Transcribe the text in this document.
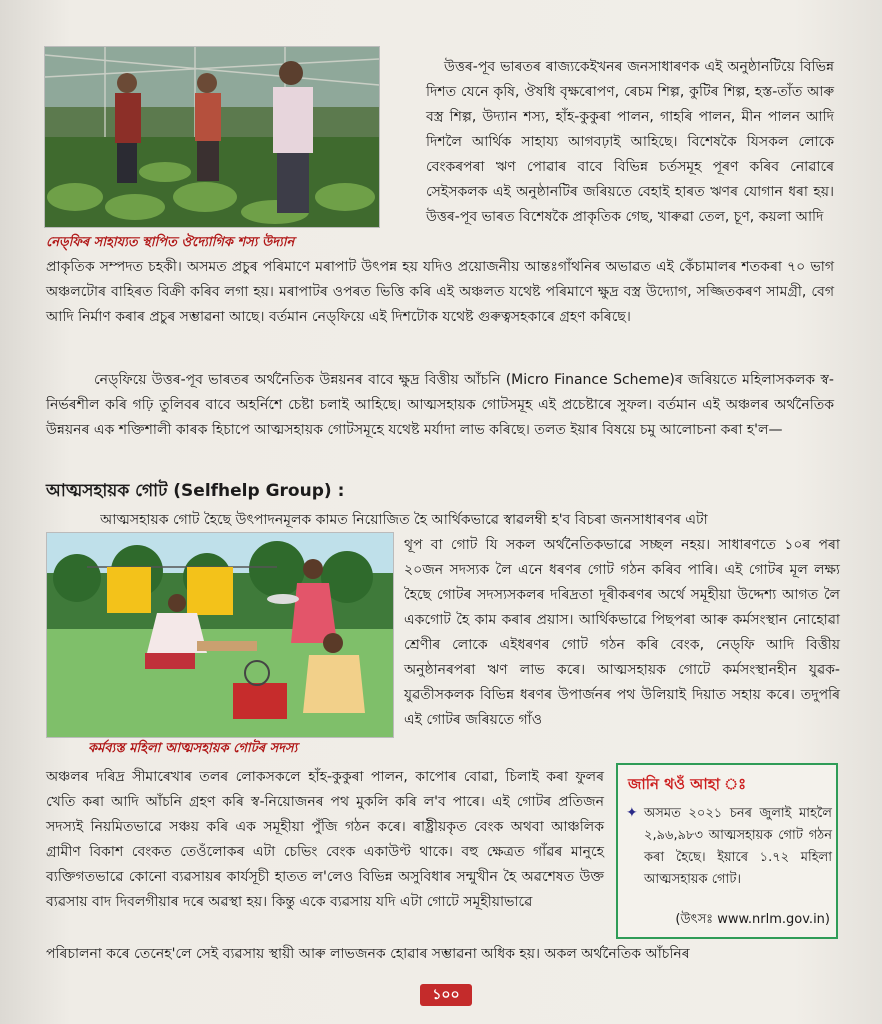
নেড্‌ফিৰ সাহায্যত স্থাপিত ঔদ্যোগিক শস্য উদ্যান
উত্তৰ-পূব ভাৰতৰ ৰাজ্যকেইখনৰ জনসাধাৰণক এই অনুষ্ঠানটিয়ে বিভিন্ন দিশত যেনে কৃষি, ঔষধি বৃক্ষৰোপণ, ৰেচম শিল্প, কুটিৰ শিল্প, হস্ত-তাঁত আৰু বস্ত্ৰ শিল্প, উদ্যান শস্য, হাঁহ-কুকুৰা পালন, গাহৰি পালন, মীন পালন আদি দিশলৈ আৰ্থিক সাহায্য আগবঢ়াই আহিছে। বিশেষকৈ যিসকল লোকে বেংকৰপৰা ঋণ পোৱাৰ বাবে বিভিন্ন চৰ্তসমূহ পূৰণ কৰিব নোৱাৰে সেইসকলক এই অনুষ্ঠানটিৰ জৰিয়তে বেহাই হাৰত ঋণৰ যোগান ধৰা হয়। উত্তৰ-পূব ভাৰত বিশেষকৈ প্ৰাকৃতিক গেছ, খাৰুৱা তেল, চূণ, কয়লা আদি
প্ৰাকৃতিক সম্পদত চহকী। অসমত প্ৰচুৰ পৰিমাণে মৰাপাট উৎপন্ন হয় যদিও প্ৰয়োজনীয় আন্তঃগাঁথনিৰ অভাৱত এই কেঁচামালৰ শতকৰা ৭০ ভাগ অঞ্চলটোৰ বাহিৰত বিক্ৰী কৰিব লগা হয়। মৰাপাটৰ ওপৰত ভিত্তি কৰি এই অঞ্চলত যথেষ্ট পৰিমাণে ক্ষুদ্ৰ বস্ত্ৰ উদ্যোগ, সজ্জিতকৰণ সামগ্ৰী, বেগ আদি নিৰ্মাণ কৰাৰ প্ৰচুৰ সম্ভাৱনা আছে। বৰ্তমান নেড্‌ফিয়ে এই দিশটোক যথেষ্ট গুৰুত্বসহকাৰে গ্ৰহণ কৰিছে।
নেড্‌ফিয়ে উত্তৰ-পূব ভাৰতৰ অৰ্থনৈতিক উন্নয়নৰ বাবে ক্ষুদ্ৰ বিত্তীয় আঁচনি (Micro Finance Scheme)ৰ জৰিয়তে মহিলাসকলক স্ব-নিৰ্ভৰশীল কৰি গঢ়ি তুলিবৰ বাবে অহৰ্নিশে চেষ্টা চলাই আহিছে। আত্মসহায়ক গোটসমূহ এই প্ৰচেষ্টাৰে সুফল। বৰ্তমান এই অঞ্চলৰ অৰ্থনৈতিক উন্নয়নৰ এক শক্তিশালী কাৰক হিচাপে আত্মসহায়ক গোটসমূহে যথেষ্ট মৰ্যাদা লাভ কৰিছে। তলত ইয়াৰ বিষয়ে চমু আলোচনা কৰা হ'ল—
আত্মসহায়ক গোট (Selfhelp Group) :
আত্মসহায়ক গোট হৈছে উৎপাদনমূলক কামত নিয়োজিত হৈ আৰ্থিকভাৱে স্বাৱলম্বী হ'ব বিচৰা জনসাধাৰণৰ এটা
কৰ্মব্যস্ত মহিলা আত্মসহায়ক গোটৰ সদস্য
থূপ বা গোট যি সকল অৰ্থনৈতিকভাৱে সচ্ছল নহয়। সাধাৰণতে ১০ৰ পৰা ২০জন সদস্যক লৈ এনে ধৰণৰ গোট গঠন কৰিব পাৰি। এই গোটৰ মূল লক্ষ্য হৈছে গোটৰ সদস্যসকলৰ দৰিদ্ৰতা দূৰীকৰণৰ অৰ্থে সমূহীয়া উদ্দেশ্য আগত লৈ একগোট হৈ কাম কৰাৰ প্ৰয়াস। আৰ্থিকভাৱে পিছপৰা আৰু কৰ্মসংস্থান নোহোৱা শ্ৰেণীৰ লোকে এইধৰণৰ গোট গঠন কৰি বেংক, নেড্‌ফি আদি বিত্তীয় অনুষ্ঠানৰপৰা ঋণ লাভ কৰে। আত্মসহায়ক গোটে কৰ্মসংস্থানহীন যুৱক-যুৱতীসকলক বিভিন্ন ধৰণৰ উপাৰ্জনৰ পথ উলিয়াই দিয়াত সহায় কৰে। তদুপৰি এই গোটৰ জৰিয়তে গাঁও
অঞ্চলৰ দৰিদ্ৰ সীমাৰেখাৰ তলৰ লোকসকলে হাঁহ-কুকুৰা পালন, কাপোৰ বোৱা, চিলাই কৰা ফুলৰ খেতি কৰা আদি আঁচনি গ্ৰহণ কৰি স্ব-নিয়োজনৰ পথ মুকলি কৰি ল'ব পাৰে। এই গোটৰ প্ৰতিজন সদস্যই নিয়মিতভাৱে সঞ্চয় কৰি এক সমূহীয়া পুঁজি গঠন কৰে। ৰাষ্ট্ৰীয়কৃত বেংক অথবা আঞ্চলিক গ্ৰামীণ বিকাশ বেংকত তেওঁলোকৰ এটা চেভিং বেংক একাউণ্ট থাকে। বহু ক্ষেত্ৰত গাঁৱৰ মানুহে ব্যক্তিগতভাৱে কোনো ব্যৱসায়ৰ কাৰ্যসূচী হাতত ল'লেও বিভিন্ন অসুবিধাৰ সন্মুখীন হৈ অৱশেষত উক্ত ব্যৱসায় বাদ দিবলগীয়াৰ দৰে অৱস্থা হয়। কিন্তু একে ব্যৱসায় যদি এটা গোটে সমূহীয়াভাৱে
জানি থওঁ আহা ঃ
✦ অসমত ২০২১ চনৰ জুলাই মাহলৈ ২,৯৬,৯৮৩ আত্মসহায়ক গোট গঠন কৰা হৈছে। ইয়াৰে ১.৭২ মহিলা আত্মসহায়ক গোট।
(উৎসঃ www.nrlm.gov.in)
পৰিচালনা কৰে তেনেহ'লে সেই ব্যৱসায় স্থায়ী আৰু লাভজনক হোৱাৰ সম্ভাৱনা অধিক হয়। অকল অৰ্থনৈতিক আঁচনিৰ
১০০
